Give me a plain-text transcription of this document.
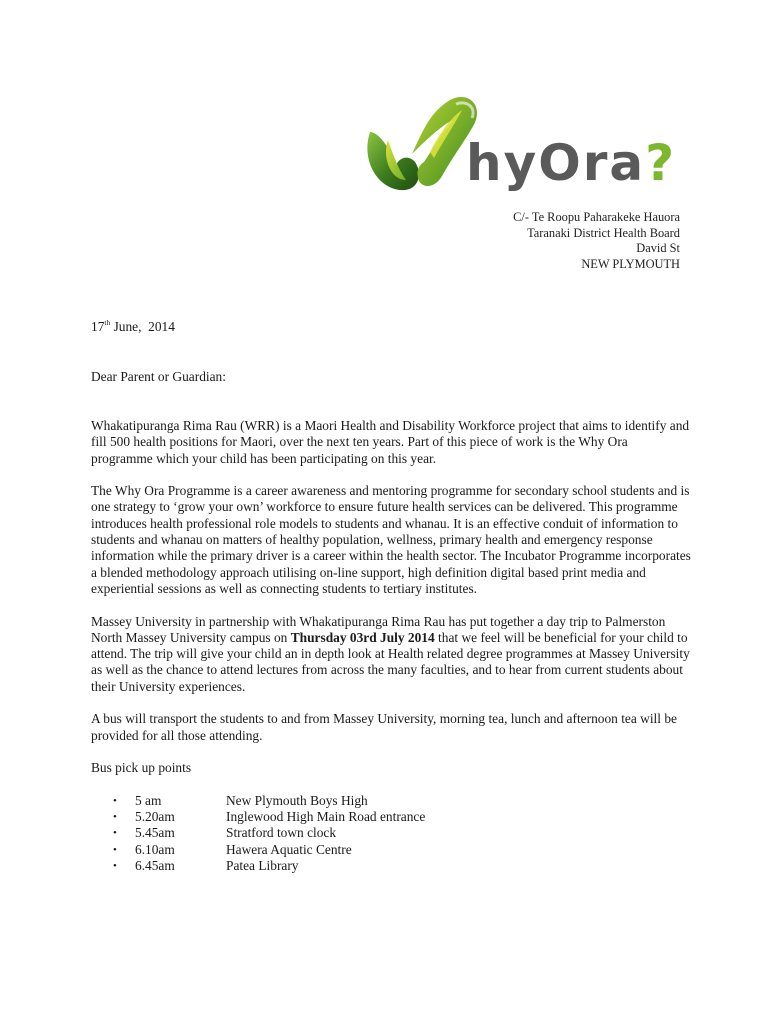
hyOra?
C/- Te Roopu Paharakeke Hauora
Taranaki District Health Board
David St
NEW PLYMOUTH
17th June,  2014
Dear Parent or Guardian:

Whakatipuranga Rima Rau (WRR) is a Maori Health and Disability Workforce project that aims to identify and fill 500 health positions for Maori, over the next ten years. Part of this piece of work is the Why Ora programme which your child has been participating on this year.

The Why Ora Programme is a career awareness and mentoring programme for secondary school students and is one strategy to ‘grow your own’ workforce to ensure future health services can be delivered. This programme introduces health professional role models to students and whanau. It is an effective conduit of information to students and whanau on matters of healthy population, wellness, primary health and emergency response information while the primary driver is a career within the health sector. The Incubator Programme incorporates a blended methodology approach utilising on-line support, high definition digital based print media and experiential sessions as well as connecting students to tertiary institutes.

Massey University in partnership with Whakatipuranga Rima Rau has put together a day trip to Palmerston North Massey University campus on Thursday 03rd July 2014 that we feel will be beneficial for your child to attend. The trip will give your child an in depth look at Health related degree programmes at Massey University as well as the chance to attend lectures from across the many faculties, and to hear from current students about their University experiences.

A bus will transport the students to and from Massey University, morning tea, lunch and afternoon tea will be provided for all those attending.

Bus pick up points
•	5 am	New Plymouth Boys High
•	5.20am	Inglewood High Main Road entrance
•	5.45am	Stratford town clock
•	6.10am	Hawera Aquatic Centre
•	6.45am	Patea Library
